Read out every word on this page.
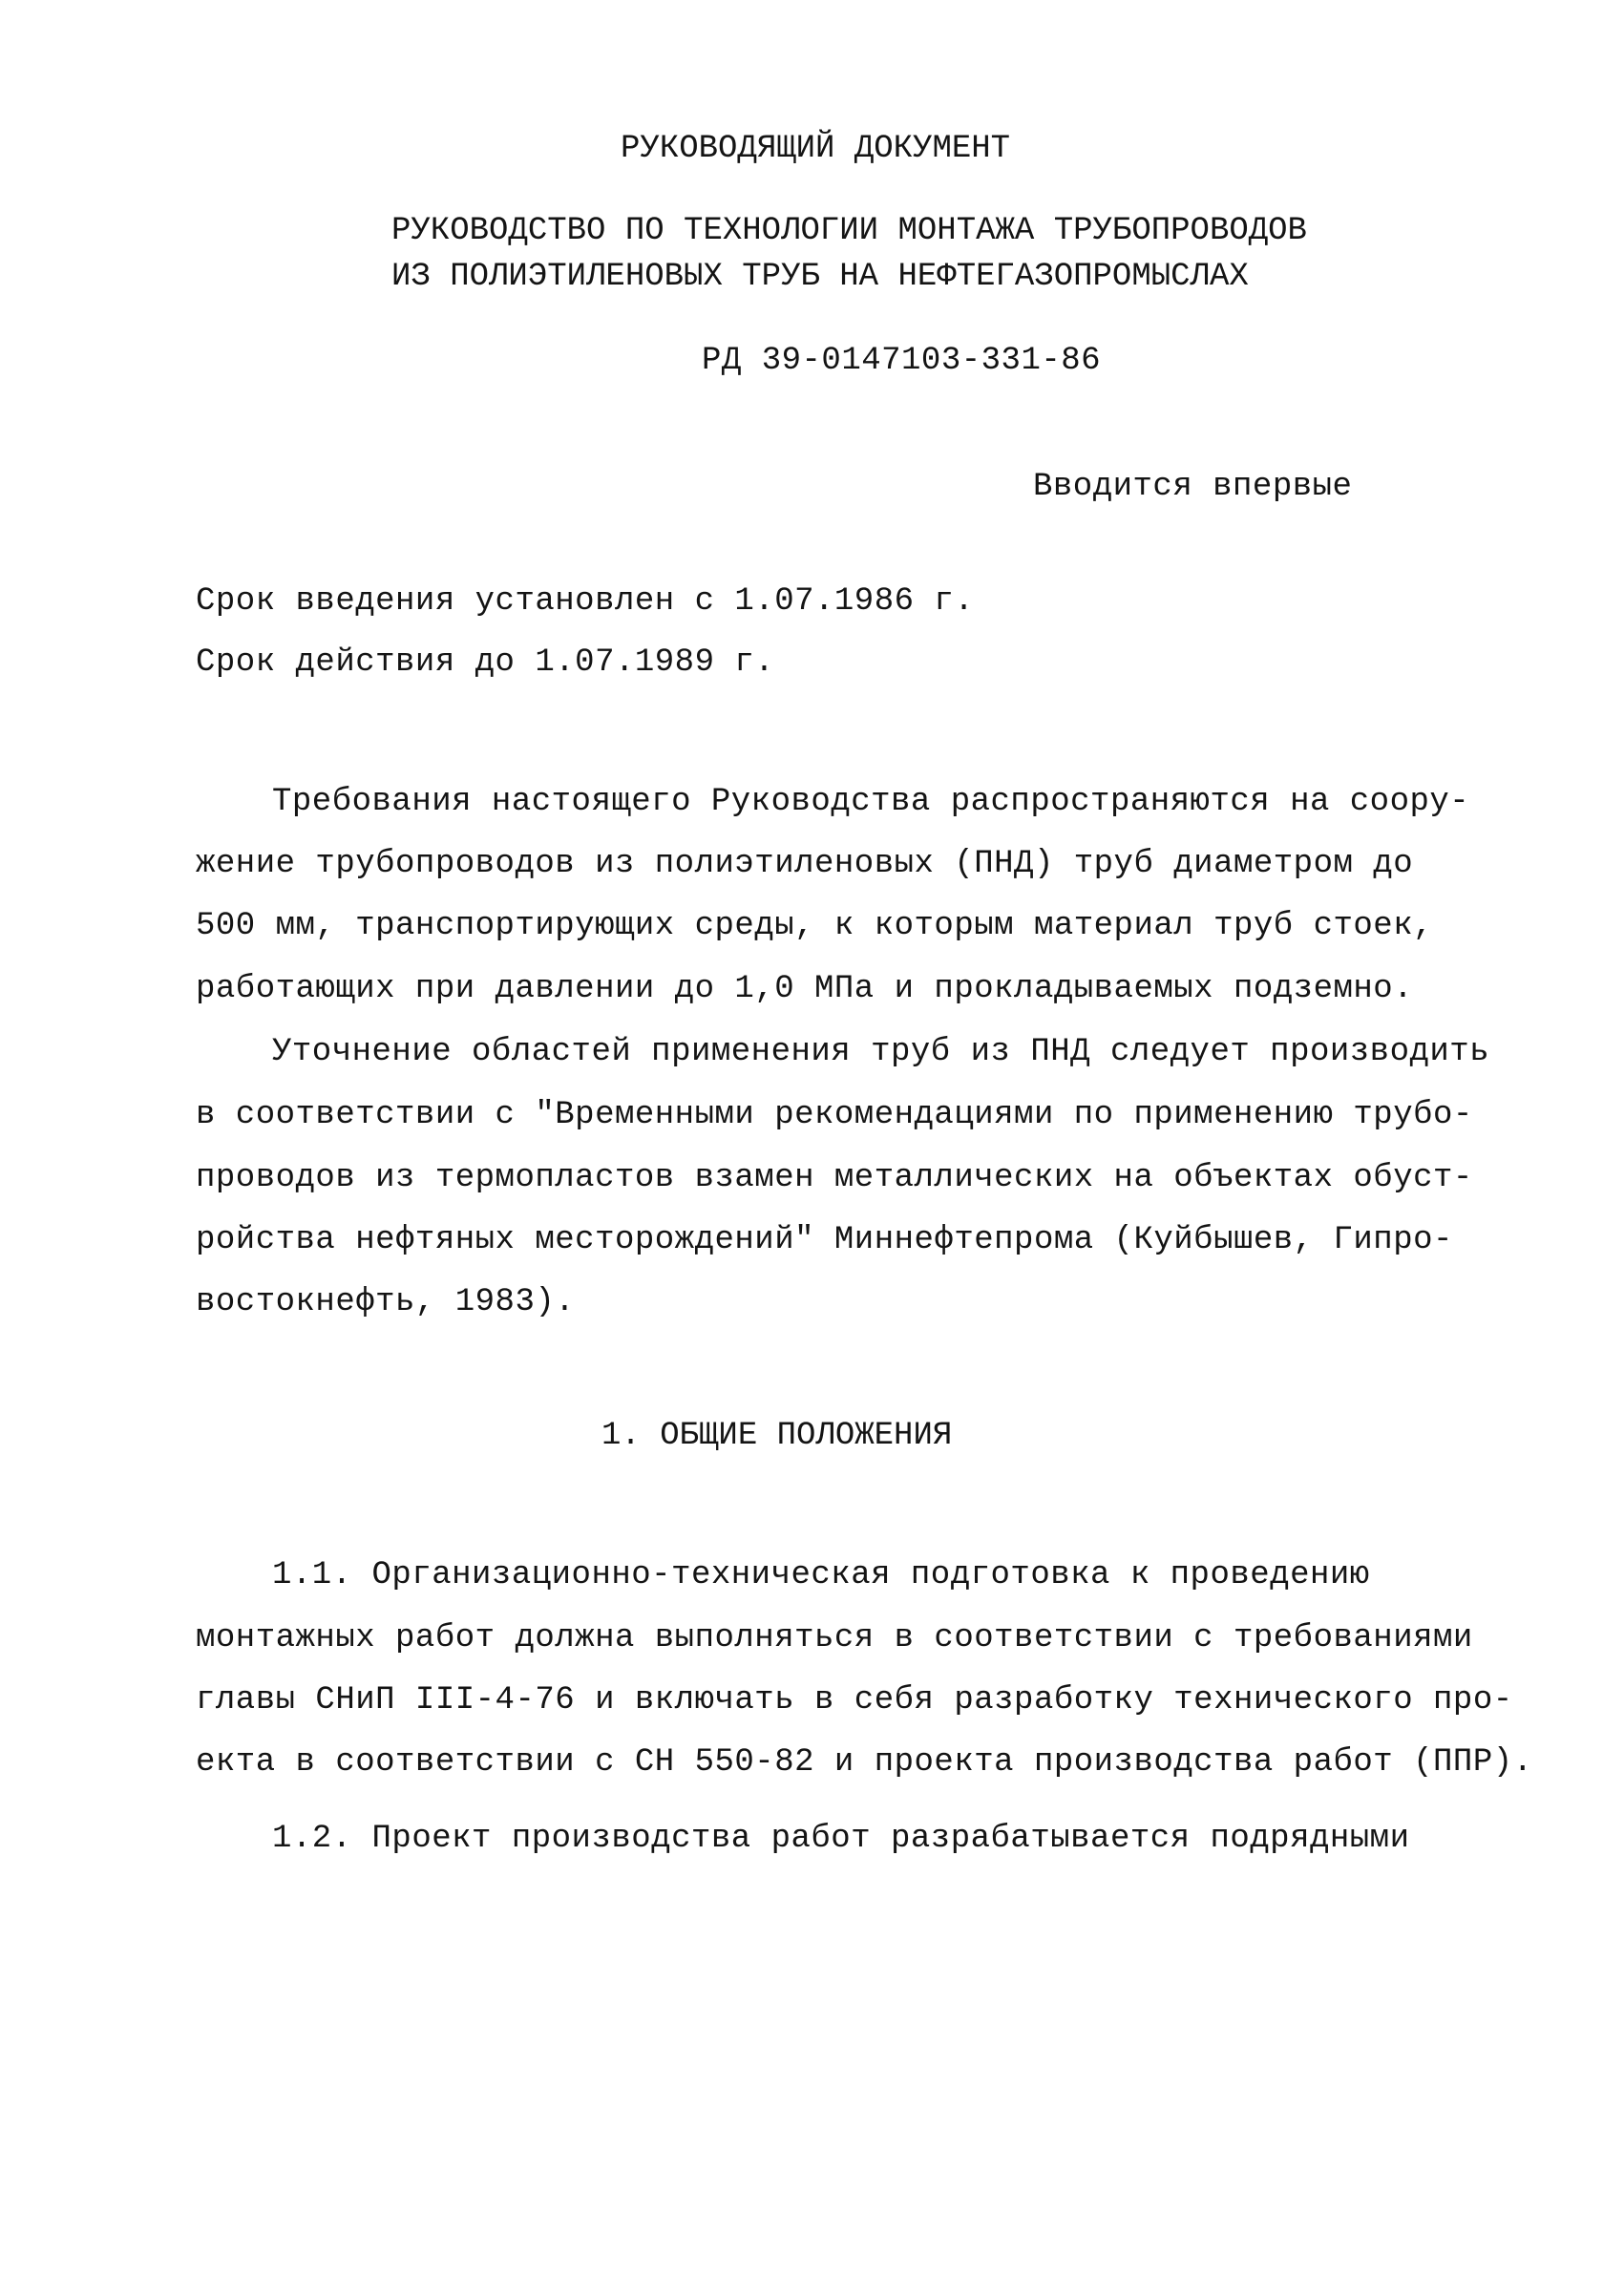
РУКОВОДЯЩИЙ ДОКУМЕНТ

РУКОВОДСТВО ПО ТЕХНОЛОГИИ МОНТАЖА ТРУБОПРОВОДОВ

ИЗ ПОЛИЭТИЛЕНОВЫХ ТРУБ НА НЕФТЕГАЗОПРОМЫСЛАХ

РД 39-0147103-331-86

Вводится впервые

Срок введения установлен с 1.07.1986 г.

Срок действия до 1.07.1989 г.

Требования настоящего Руководства распространяются на соору-

жение трубопроводов из полиэтиленовых (ПНД) труб диаметром до

500 мм, транспортирующих среды, к которым материал труб стоек,

работающих при давлении до 1,0 МПа и прокладываемых подземно.

Уточнение областей применения труб из ПНД следует производить

в соответствии с "Временными рекомендациями по применению трубо-

проводов из термопластов взамен металлических на объектах обуст-

ройства нефтяных месторождений" Миннефтепрома (Куйбышев, Гипро-

востокнефть, 1983).

1. ОБЩИЕ ПОЛОЖЕНИЯ

1.1. Организационно-техническая подготовка к проведению

монтажных работ должна выполняться в соответствии с требованиями

главы СНиП III-4-76 и включать в себя разработку технического про-

екта в соответствии с СН 550-82 и проекта производства работ (ППР).

1.2. Проект производства работ разрабатывается подрядными
